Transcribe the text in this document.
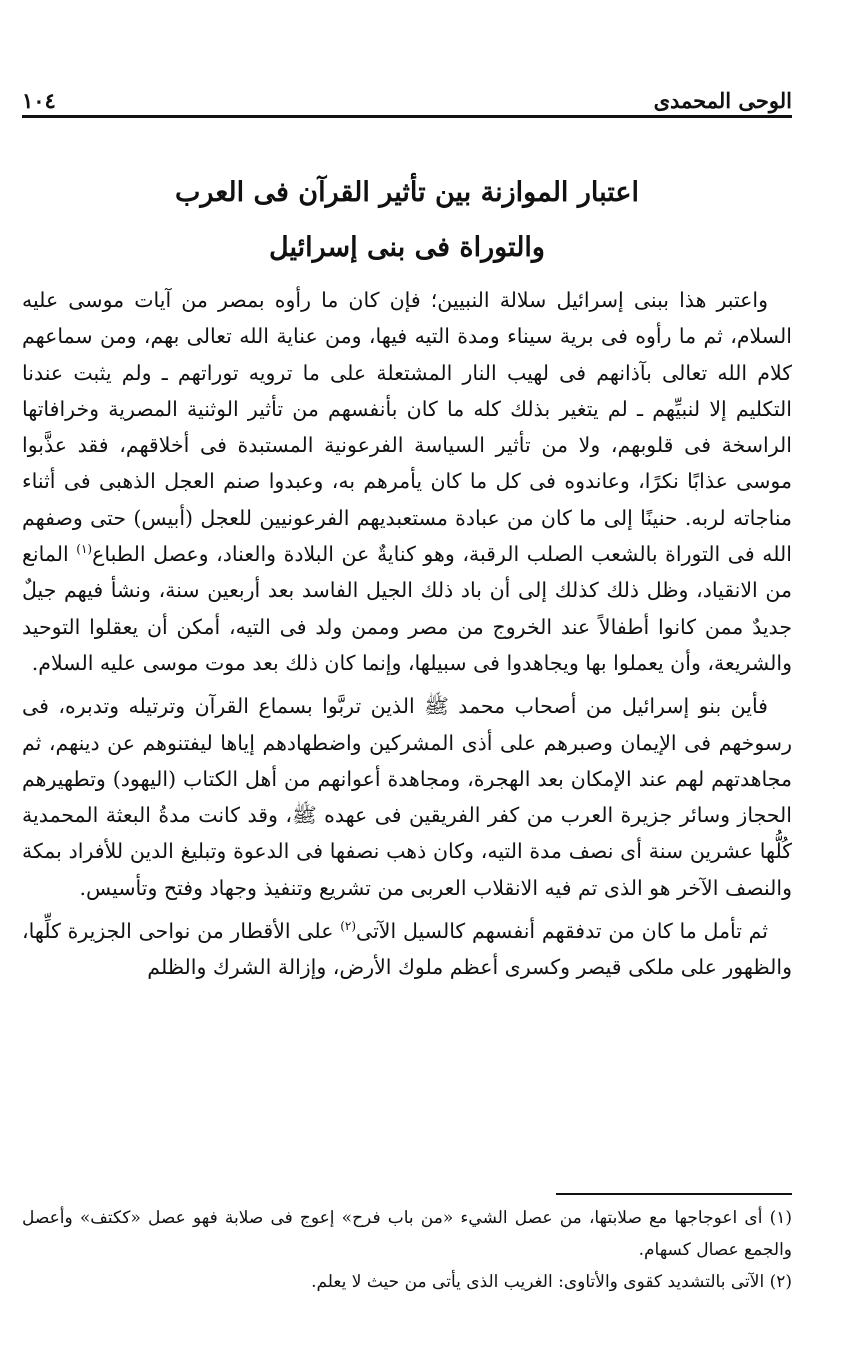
الوحى المحمدى
١٠٤
اعتبار الموازنة بين تأثير القرآن فى العرب
والتوراة فى بنى إسرائيل

واعتبر هذا ببنى إسرائيل سلالة النبيين؛ فإن كان ما رأوه بمصر من آيات موسى عليه السلام، ثم ما رأوه فى برية سيناء ومدة التيه فيها، ومن عناية الله تعالى بهم، ومن سماعهم كلام الله تعالى بآذانهم فى لهيب النار المشتعلة على ما ترويه توراتهم ـ ولم يثبت عندنا التكليم إلا لنبيِّهم ـ لم يتغير بذلك كله ما كان بأنفسهم من تأثير الوثنية المصرية وخرافاتها الراسخة فى قلوبهم، ولا من تأثير السياسة الفرعونية المستبدة فى أخلاقهم، فقد عذَّبوا موسى عذابًا نكرًا، وعاندوه فى كل ما كان يأمرهم به، وعبدوا صنم العجل الذهبى فى أثناء مناجاته لربه. حنينًا إلى ما كان من عبادة مستعبديهم الفرعونيين للعجل (أبيس) حتى وصفهم الله فى التوراة بالشعب الصلب الرقبة، وهو كنايةٌ عن البلادة والعناد، وعصل الطباع$^{(١)}$ المانع من الانقياد، وظل ذلك كذلك إلى أن باد ذلك الجيل الفاسد بعد أربعين سنة، ونشأ فيهم جيلٌ جديدٌ ممن كانوا أطفالاً عند الخروج من مصر وممن ولد فى التيه، أمكن أن يعقلوا التوحيد والشريعة، وأن يعملوا بها ويجاهدوا فى سبيلها، وإنما كان ذلك بعد موت موسى عليه السلام.

فأين بنو إسرائيل من أصحاب محمد ﷺ الذين تربَّوا بسماع القرآن وترتيله وتدبره، فى رسوخهم فى الإيمان وصبرهم على أذى المشركين واضطهادهم إياها ليفتنوهم عن دينهم، ثم مجاهدتهم لهم عند الإمكان بعد الهجرة، ومجاهدة أعوانهم من أهل الكتاب (اليهود) وتطهيرهم الحجاز وسائر جزيرة العرب من كفر الفريقين فى عهده ﷺ، وقد كانت مدةُ البعثة المحمدية كُلُّها عشرين سنة أى نصف مدة التيه، وكان ذهب نصفها فى الدعوة وتبليغ الدين للأفراد بمكة والنصف الآخر هو الذى تم فيه الانقلاب العربى من تشريع وتنفيذ وجهاد وفتح وتأسيس.

ثم تأمل ما كان من تدفقهم أنفسهم كالسيل الآتى$^{(٢)}$ على الأقطار من نواحى الجزيرة كلِّها، والظهور على ملكى قيصر وكسرى أعظم ملوك الأرض، وإزالة الشرك والظلم

(١) أى اعوجاجها مع صلابتها، من عصل الشيء «من باب فرح» إعوج فى صلابة فهو عصل «ككتف» وأعصل والجمع عصال كسهام.

(٢) الآتى بالتشديد كقوى والأتاوى: الغريب الذى يأتى من حيث لا يعلم.
